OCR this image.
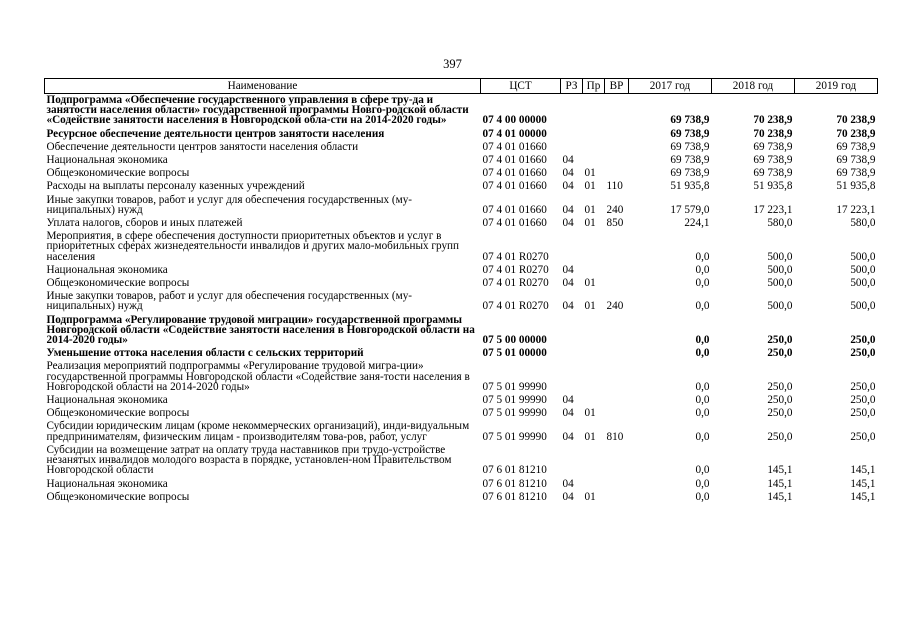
397
Наименование	ЦСТ	РЗ	Пр	ВР	2017 год	2018 год	2019 год
Подпрограмма «Обеспечение государственного управления в сфере тру-да и занятости населения области» государственной программы Новго-родской области «Содействие занятости населения в Новгородской обла-сти на 2014-2020 годы»	07 4 00 00000				69 738,9	70 238,9	70 238,9
Ресурсное обеспечение деятельности центров занятости населения	07 4 01 00000				69 738,9	70 238,9	70 238,9
Обеспечение деятельности центров занятости населения области	07 4 01 01660				69 738,9	69 738,9	69 738,9
Национальная экономика	07 4 01 01660	04			69 738,9	69 738,9	69 738,9
Общеэкономические вопросы	07 4 01 01660	04	01		69 738,9	69 738,9	69 738,9
Расходы на выплаты персоналу казенных учреждений	07 4 01 01660	04	01	110	51 935,8	51 935,8	51 935,8
Иные закупки товаров, работ и услуг для обеспечения государственных (му-ниципальных) нужд	07 4 01 01660	04	01	240	17 579,0	17 223,1	17 223,1
Уплата налогов, сборов и иных платежей	07 4 01 01660	04	01	850	224,1	580,0	580,0
Мероприятия, в сфере обеспечения доступности приоритетных объектов и услуг в приоритетных сферах жизнедеятельности инвалидов и других мало-мобильных групп населения	07 4 01 R0270				0,0	500,0	500,0
Национальная экономика	07 4 01 R0270	04			0,0	500,0	500,0
Общеэкономические вопросы	07 4 01 R0270	04	01		0,0	500,0	500,0
Иные закупки товаров, работ и услуг для обеспечения государственных (му-ниципальных) нужд	07 4 01 R0270	04	01	240	0,0	500,0	500,0
Подпрограмма «Регулирование трудовой миграции» государственной программы Новгородской области «Содействие занятости населения в Новгородской области на 2014-2020 годы»	07 5 00 00000				0,0	250,0	250,0
Уменьшение оттока населения области с сельских территорий	07 5 01 00000				0,0	250,0	250,0
Реализация мероприятий подпрограммы «Регулирование трудовой мигра-ции» государственной программы Новгородской области «Содействие заня-тости населения в Новгородской области на 2014-2020 годы»	07 5 01 99990				0,0	250,0	250,0
Национальная экономика	07 5 01 99990	04			0,0	250,0	250,0
Общеэкономические вопросы	07 5 01 99990	04	01		0,0	250,0	250,0
Субсидии юридическим лицам (кроме некоммерческих организаций), инди-видуальным предпринимателям, физическим лицам - производителям това-ров, работ, услуг	07 5 01 99990	04	01	810	0,0	250,0	250,0
Субсидии на возмещение затрат на оплату труда наставников при трудо-устройстве незанятых инвалидов молодого возраста в порядке, установлен-ном Правительством Новгородской области	07 6 01 81210				0,0	145,1	145,1
Национальная экономика	07 6 01 81210	04			0,0	145,1	145,1
Общеэкономические вопросы	07 6 01 81210	04	01		0,0	145,1	145,1
